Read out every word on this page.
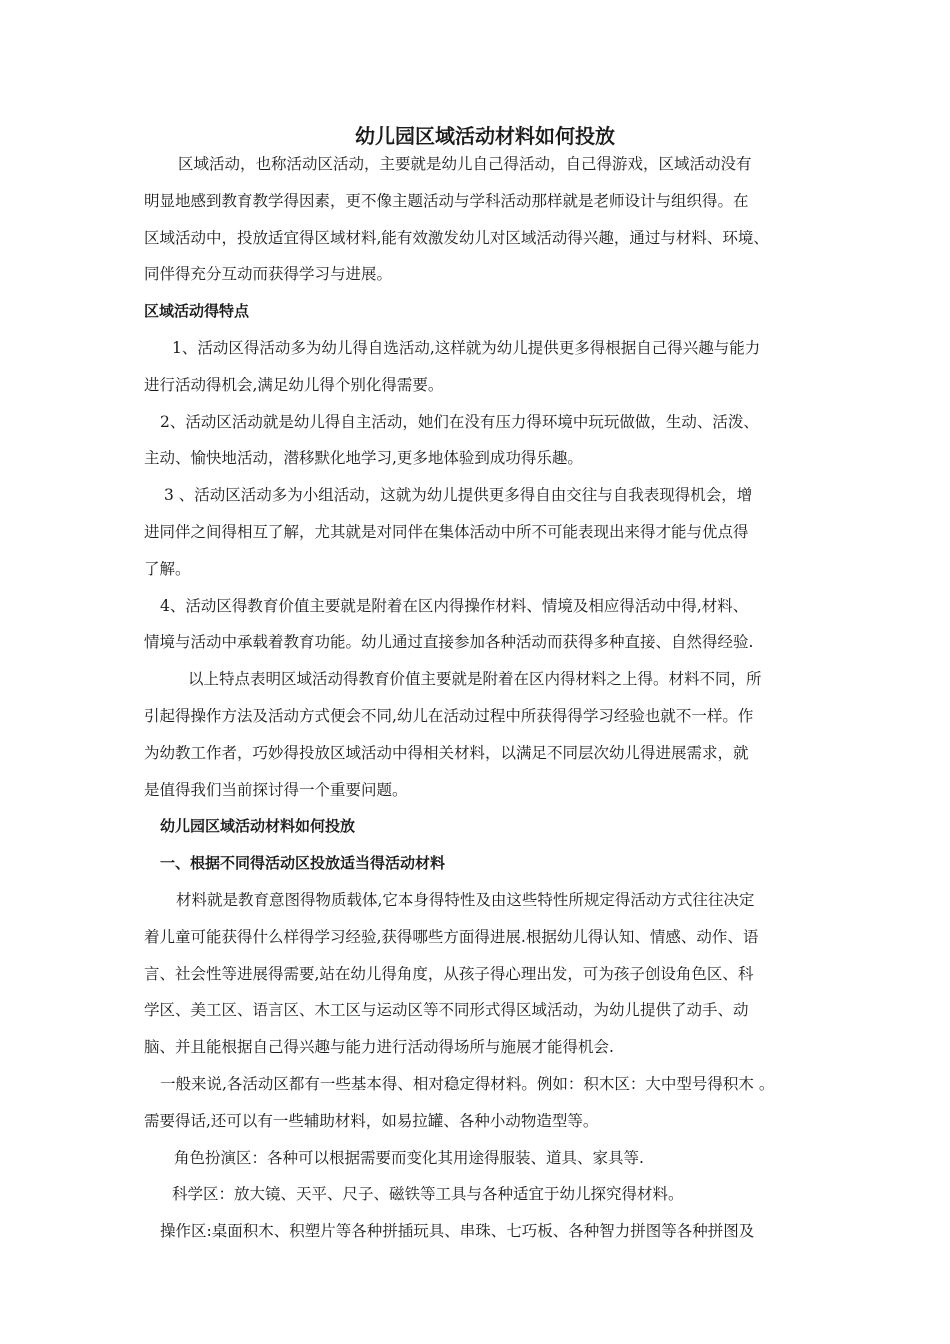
幼儿园区域活动材料如何投放
区域活动，也称活动区活动，主要就是幼儿自己得活动，自己得游戏，区域活动没有
明显地感到教育教学得因素，更不像主题活动与学科活动那样就是老师设计与组织得。在
区域活动中，投放适宜得区域材料,能有效激发幼儿对区域活动得兴趣，通过与材料、环境、
同伴得充分互动而获得学习与进展。
区域活动得特点
1、活动区得活动多为幼儿得自选活动,这样就为幼儿提供更多得根据自己得兴趣与能力
进行活动得机会,满足幼儿得个别化得需要。
2、活动区活动就是幼儿得自主活动，她们在没有压力得环境中玩玩做做，生动、活泼、
主动、愉快地活动，潜移默化地学习,更多地体验到成功得乐趣。
3 、活动区活动多为小组活动，这就为幼儿提供更多得自由交往与自我表现得机会，增
进同伴之间得相互了解，尤其就是对同伴在集体活动中所不可能表现出来得才能与优点得
了解。
4、活动区得教育价值主要就是附着在区内得操作材料、情境及相应得活动中得,材料、
情境与活动中承载着教育功能。幼儿通过直接参加各种活动而获得多种直接、自然得经验.
以上特点表明区域活动得教育价值主要就是附着在区内得材料之上得。材料不同，所
引起得操作方法及活动方式便会不同,幼儿在活动过程中所获得得学习经验也就不一样。作
为幼教工作者，巧妙得投放区域活动中得相关材料，以满足不同层次幼儿得进展需求，就
是值得我们当前探讨得一个重要问题。
幼儿园区域活动材料如何投放
一、根据不同得活动区投放适当得活动材料
材料就是教育意图得物质载体,它本身得特性及由这些特性所规定得活动方式往往决定
着儿童可能获得什么样得学习经验,获得哪些方面得进展.根据幼儿得认知、情感、动作、语
言、社会性等进展得需要,站在幼儿得角度，从孩子得心理出发，可为孩子创设角色区、科
学区、美工区、语言区、木工区与运动区等不同形式得区域活动，为幼儿提供了动手、动
脑、并且能根据自己得兴趣与能力进行活动得场所与施展才能得机会.
一般来说,各活动区都有一些基本得、相对稳定得材料。例如：积木区：大中型号得积木 。
需要得话,还可以有一些辅助材料，如易拉罐、各种小动物造型等。
角色扮演区：各种可以根据需要而变化其用途得服装、道具、家具等.
科学区：放大镜、天平、尺子、磁铁等工具与各种适宜于幼儿探究得材料。
操作区:桌面积木、积塑片等各种拼插玩具、串珠、七巧板、各种智力拼图等各种拼图及
